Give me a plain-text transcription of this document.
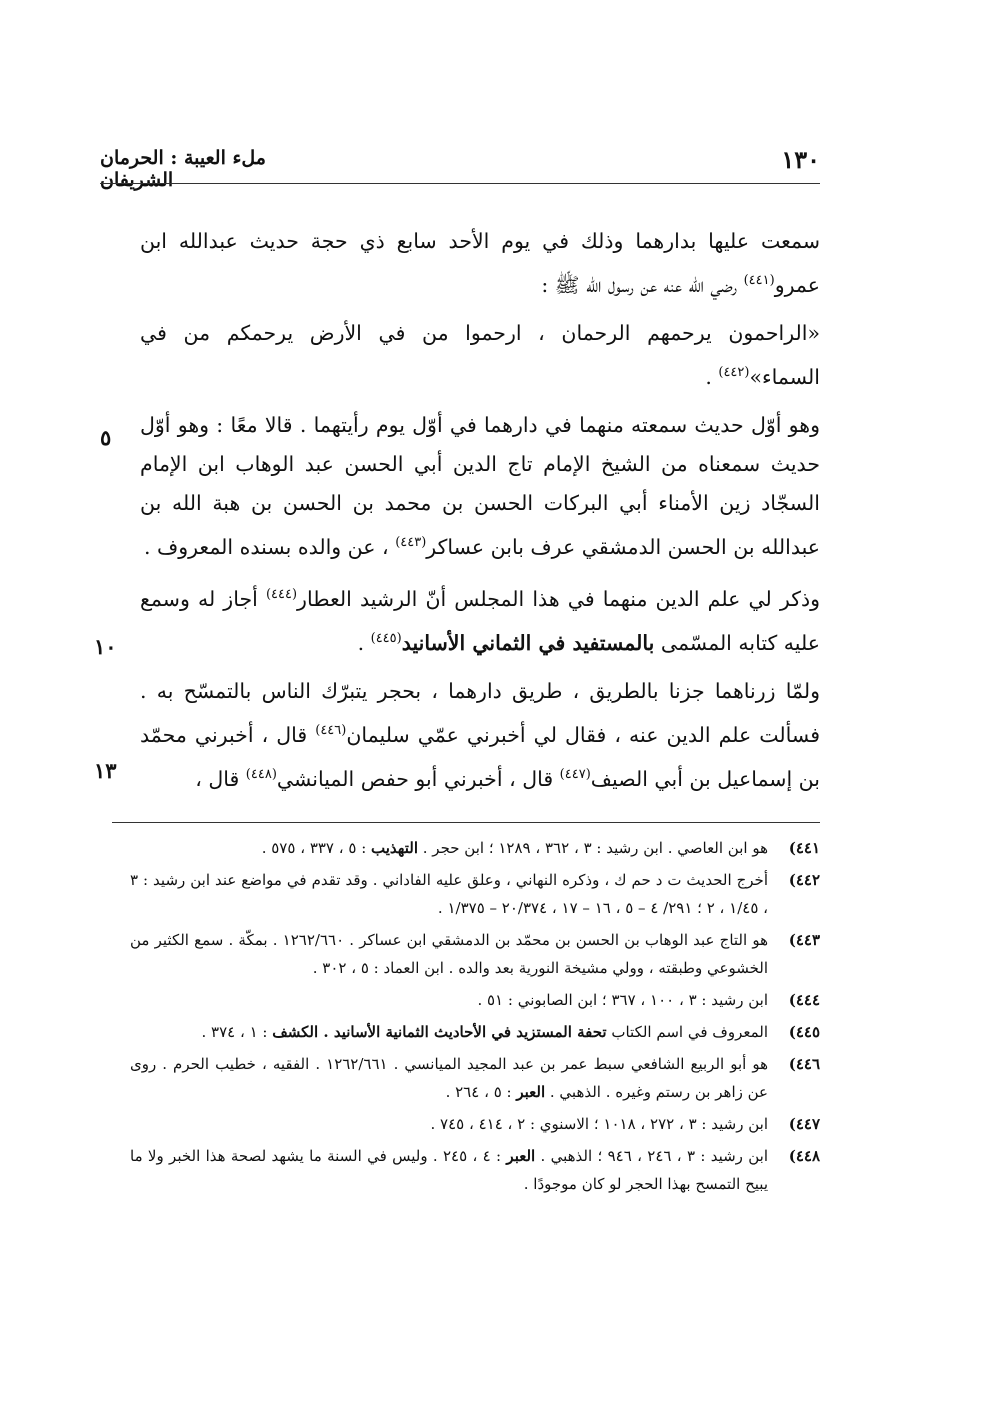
١٣٠
ملء العيبة : الحرمان الشريفان
٥
١٠
١٣

سمعت عليها بدارهما وذلك في يوم الأحد سابع ذي حجة حديث عبدالله ابن عمرو$^{(٤٤١)}$ رضي الله عنه عن رسول الله ﷺ :

«الراحمون يرحمهم الرحمان ، ارحموا من في الأرض يرحمكم من في السماء»$^{(٤٤٢)}$ .

وهو أوّل حديث سمعته منهما في دارهما في أوّل يوم رأيتهما . قالا معًا : وهو أوّل حديث سمعناه من الشيخ الإمام تاج الدين أبي الحسن عبد الوهاب ابن الإمام السجّاد زين الأمناء أبي البركات الحسن بن محمد بن الحسن بن هبة الله بن عبدالله بن الحسن الدمشقي عرف بابن عساكر$^{(٤٤٣)}$ ، عن والده بسنده المعروف .

وذكر لي علم الدين منهما في هذا المجلس أنّ الرشيد العطار$^{(٤٤٤)}$ أجاز له وسمع عليه كتابه المسّمى بالمستفيد في الثماني الأسانيد$^{(٤٤٥)}$ .

ولمّا زرناهما جزنا بالطريق ، طريق دارهما ، بحجر يتبرّك الناس بالتمسّح به . فسألت علم الدين عنه ، فقال لي أخبرني عمّي سليمان$^{(٤٤٦)}$ قال ، أخبرني محمّد بن إسماعيل بن أبي الصيف$^{(٤٤٧)}$ قال ، أخبرني أبو حفص الميانشي$^{(٤٤٨)}$ قال ،

٤٤١)
هو ابن العاصي . ابن رشيد : ٣ ، ٣٦٢ ، ١٢٨٩ ؛ ابن حجر . التهذيب : ٥ ، ٣٣٧ ، ٥٧٥ .
٤٤٢)
أخرج الحديث ت د حم ك ، وذكره النهاني ، وعلق عليه الفاداني . وقد تقدم في مواضع عند ابن رشيد : ٣ ، ١/٤٥ ، ٢ ؛ ٢٩١/ ٤ – ٥ ، ١٦ – ١٧ ، ٢٠/٣٧٤ – ١/٣٧٥ .
٤٤٣)
هو التاج عبد الوهاب بن الحسن بن محمّد بن الدمشقي ابن عساكر . ١٢٦٢/٦٦٠ . بمكّة . سمع الكثير من الخشوعي وطبقته ، وولي مشيخة النورية بعد والده . ابن العماد : ٥ ، ٣٠٢ .
٤٤٤)
ابن رشيد : ٣ ، ١٠٠ ، ٣٦٧ ؛ ابن الصابوني : ٥١ .
٤٤٥)
المعروف في اسم الكتاب تحفة المستزيد في الأحاديث الثمانية الأسانيد . الكشف : ١ ، ٣٧٤ .
٤٤٦)
هو أبو الربيع الشافعي سبط عمر بن عبد المجيد الميانسي . ١٢٦٢/٦٦١ . الفقيه ، خطيب الحرم . روى عن زاهر بن رستم وغيره . الذهبي . العبر : ٥ ، ٢٦٤ .
٤٤٧)
ابن رشيد : ٣ ، ٢٧٢ ، ١٠١٨ ؛ الاسنوي : ٢ ، ٤١٤ ، ٧٤٥ .
٤٤٨)
ابن رشيد : ٣ ، ٢٤٦ ، ٩٤٦ ؛ الذهبي . العبر : ٤ ، ٢٤٥ . وليس في السنة ما يشهد لصحة هذا الخبر ولا ما يبيح التمسح بهذا الحجر لو كان موجودًا .
